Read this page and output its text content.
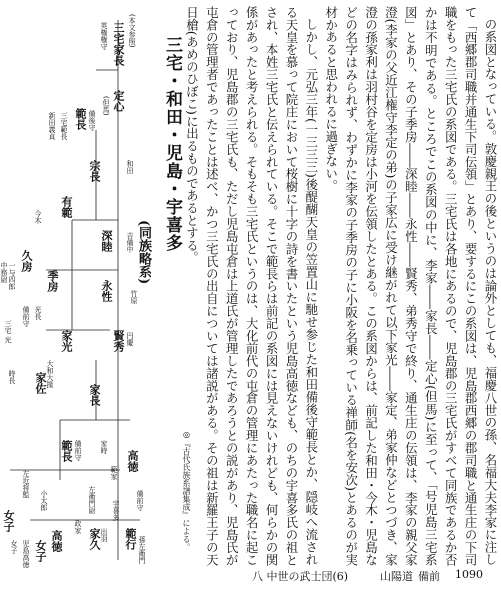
(本文参照)
三宅家長
英権権守
和田
定心
(但馬)
備後守
範長
三宅範長
新田義貞
宗長
深睦 吉備中
有範
今木
久房
一与四郎
中務尉	季房	永性 竹原
光長
備前守
賢秀 円慶
家光
三宅 光
大和大掾
家佐
家長
時長
備前守
範長	家時
高徳
女子
小太郎
高徳
左衛門尉 宇喜多 備前守
左近将監
家久 出羽 範行
女子	孫左衛門
政家
範家
児島高徳
女子
三宅・和田・児島・宇喜多
(同族略系)
◎『古代氏族系譜集成』による。	の系図となっている。敦慶親王の後というのは論外としても、福慶八世の孫、名福大夫李家に注して「西郷郡司職并通生下司伝領」とあり、要するにこの系図は、児島郡西郷の郡司職と通生庄の下司職をもった三宅氏の系図である。三宅氏は各地にあるので、児島郡の三宅氏がすべて同族であるか否かは不明である。ところでこの系図の中に、李家――家長――定心(但馬)に至って、「号児島三宅系図」とあり、その子季房――深睦――永性――賢秀、弟秀守で終り、通生庄の伝領は、李家の親父家澄(李家の父近江権守李定の弟)の子家広に受け継がれて以下家光――家定、弟家仲などとつづき、家澄の孫家利は羽村谷を定房は小河を伝領したとある。この系図からは、前記した和田・今木・児島などの名字はみられず、わずかに李家の子季房の子に小阪を名乗っている禅師(名を安次)とあるのが実材かあると思われるに過ぎない。

しかし、元弘三年(一三三三)後醍醐天皇の笠置山に馳せ参じた和田備後守範長とか、隠岐へ流される天皇を慕って院庄において桜樹に十字の詩を書いたという児島高徳なども、のちの宇喜多氏の祖とされ、本姓三宅氏と伝えられている。そこで範長らは前記の系図には見えないけれども、何らかの関係があったと考えられる。そもそも三宅氏というのは、大化前代の屯倉の管理にあたった職名に起こっており、児島郡の三宅氏も、ただし児島屯倉は上道氏が管理したであろうとの説があり、児島氏が屯倉の管理者であったことは述べ、かつ三宅氏の出自については諸説がある。その祖は新羅王子の天日槍(あめのひぼこ)に出るものであるとする。

八 中世の武士団(6)	山陽道 備前 1090
